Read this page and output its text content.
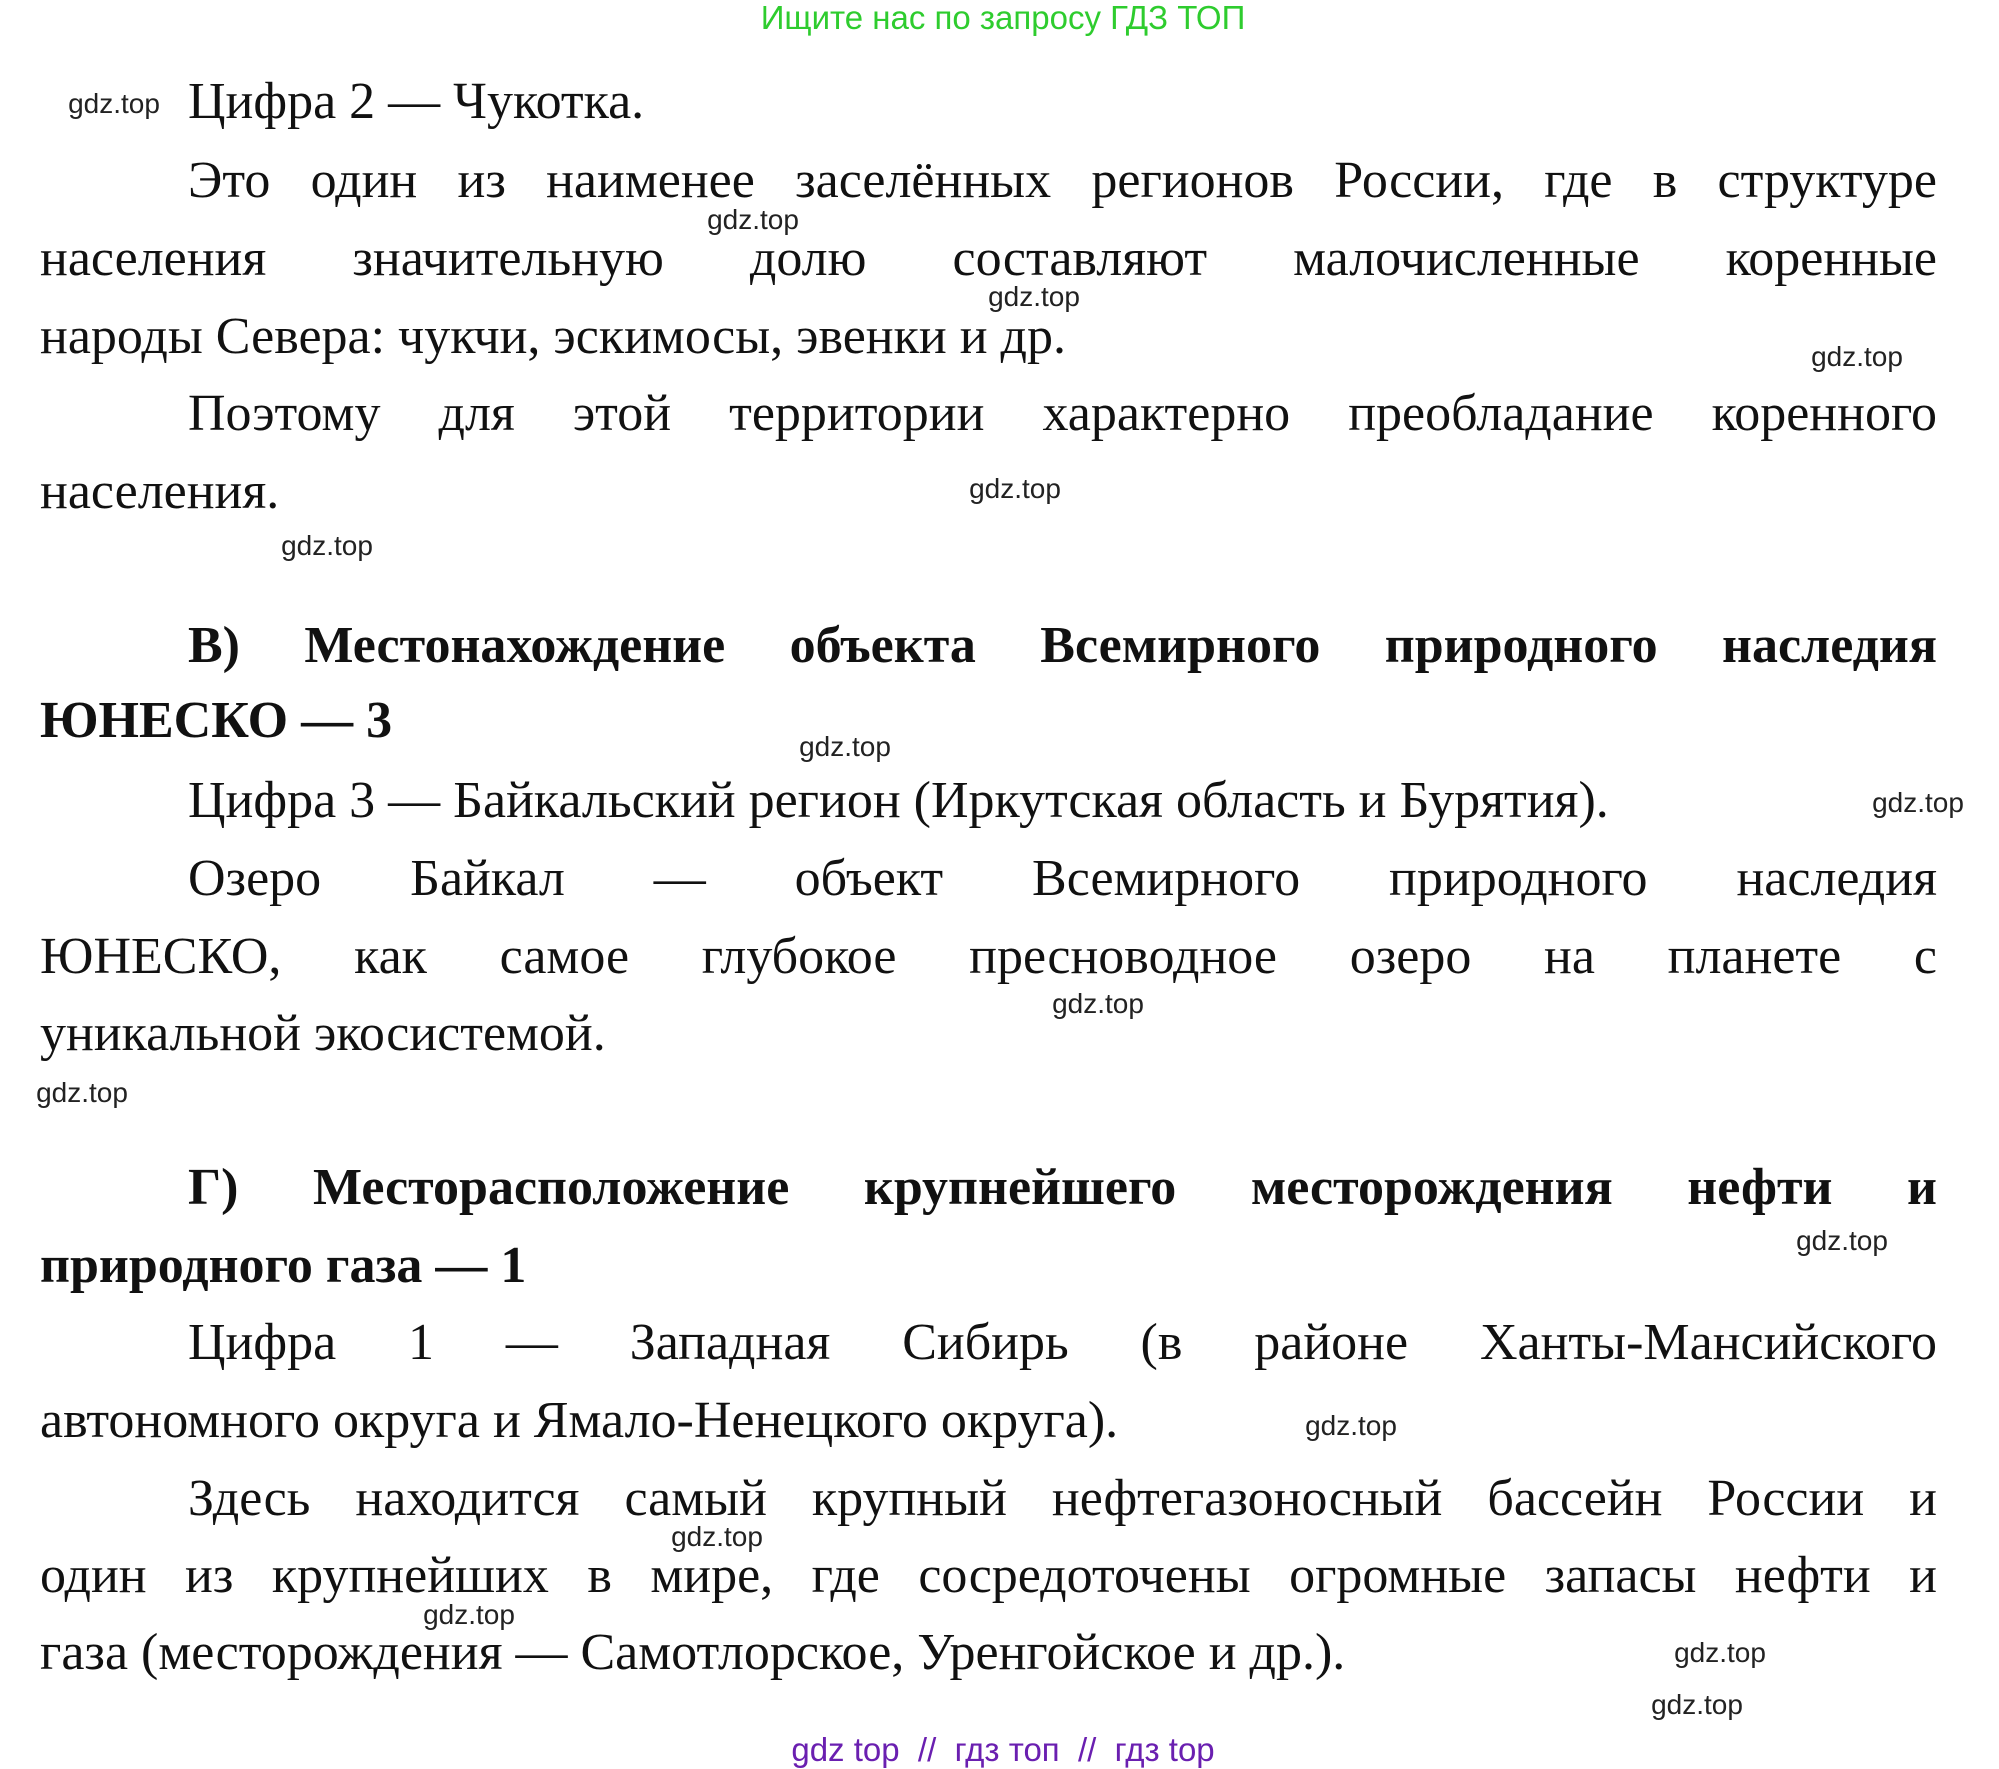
Ищите нас по запросу ГДЗ ТОП
Цифра 2 — Чукотка.
Это один из наименее заселённых регионов России, где в структуре
населения значительную долю составляют малочисленные коренные
народы Севера: чукчи, эскимосы, эвенки и др.
Поэтому для этой территории характерно преобладание коренного
населения.
В) Местонахождение объекта Всемирного природного наследия
ЮНЕСКО — 3
Цифра 3 — Байкальский регион (Иркутская область и Бурятия).
Озеро Байкал — объект Всемирного природного наследия
ЮНЕСКО, как самое глубокое пресноводное озеро на планете с
уникальной экосистемой.
Г) Месторасположение крупнейшего месторождения нефти и
природного газа — 1
Цифра 1 — Западная Сибирь (в районе Ханты-Мансийского
автономного округа и Ямало-Ненецкого округа).
Здесь находится самый крупный нефтегазоносный бассейн России и
один из крупнейших в мире, где сосредоточены огромные запасы нефти и
газа (месторождения — Самотлорское, Уренгойское и др.).
gdz.top
gdz.top
gdz.top
gdz.top
gdz.top
gdz.top
gdz.top
gdz.top
gdz.top
gdz.top
gdz.top
gdz.top
gdz.top
gdz.top
gdz.top
gdz.top
gdz top  //  гдз топ  //  гдз top
